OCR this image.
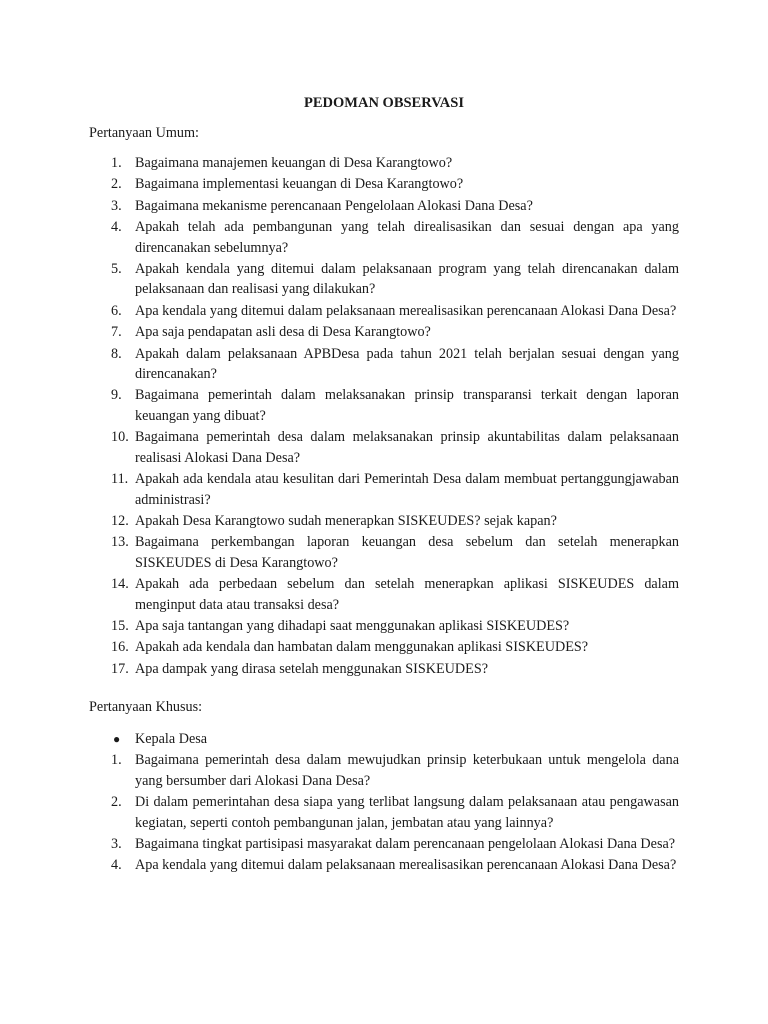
PEDOMAN OBSERVASI
Pertanyaan Umum:
1. Bagaimana manajemen keuangan di Desa Karangtowo?
2. Bagaimana implementasi keuangan di Desa Karangtowo?
3. Bagaimana mekanisme perencanaan Pengelolaan Alokasi Dana Desa?
4. Apakah telah ada pembangunan yang telah direalisasikan dan sesuai dengan apa yang direncanakan sebelumnya?
5. Apakah kendala yang ditemui dalam pelaksanaan program yang telah direncanakan dalam pelaksanaan dan realisasi yang dilakukan?
6. Apa kendala yang ditemui dalam pelaksanaan merealisasikan perencanaan Alokasi Dana Desa?
7. Apa saja pendapatan asli desa di Desa Karangtowo?
8. Apakah dalam pelaksanaan APBDesa pada tahun 2021 telah berjalan sesuai dengan yang direncanakan?
9. Bagaimana pemerintah dalam melaksanakan prinsip transparansi terkait dengan laporan keuangan yang dibuat?
10. Bagaimana pemerintah desa dalam melaksanakan prinsip akuntabilitas dalam pelaksanaan realisasi Alokasi Dana Desa?
11. Apakah ada kendala atau kesulitan dari Pemerintah Desa dalam membuat pertanggungjawaban administrasi?
12. Apakah Desa Karangtowo sudah menerapkan SISKEUDES? sejak kapan?
13. Bagaimana perkembangan laporan keuangan desa sebelum dan setelah menerapkan SISKEUDES di Desa Karangtowo?
14. Apakah ada perbedaan sebelum dan setelah menerapkan aplikasi SISKEUDES dalam menginput data atau transaksi desa?
15. Apa saja tantangan yang dihadapi saat menggunakan aplikasi SISKEUDES?
16. Apakah ada kendala dan hambatan dalam menggunakan aplikasi SISKEUDES?
17. Apa dampak yang dirasa setelah menggunakan SISKEUDES?
Pertanyaan Khusus:
●	Kepala Desa
1. Bagaimana pemerintah desa dalam mewujudkan prinsip keterbukaan untuk mengelola dana yang bersumber dari Alokasi Dana Desa?
2. Di dalam pemerintahan desa siapa yang terlibat langsung dalam pelaksanaan atau pengawasan kegiatan, seperti contoh pembangunan jalan, jembatan atau yang lainnya?
3. Bagaimana tingkat partisipasi masyarakat dalam perencanaan pengelolaan Alokasi Dana Desa?
4. Apa kendala yang ditemui dalam pelaksanaan merealisasikan perencanaan Alokasi Dana Desa?
